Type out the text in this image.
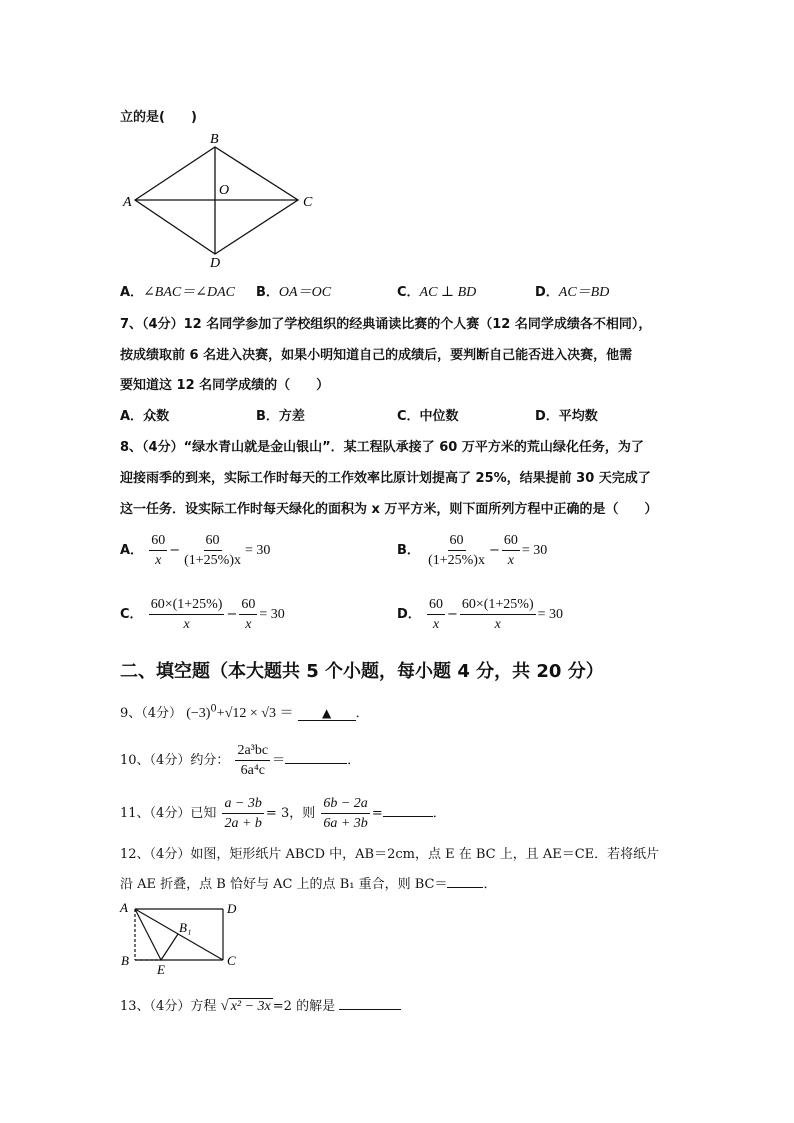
立的是(　　)
A
B
C
D
O
A．∠BAC＝∠DAC B．OA＝OC	C．AC ⊥ BD	D．AC＝BD
7、（4分）12 名同学参加了学校组织的经典诵读比赛的个人赛（12 名同学成绩各不相同），
按成绩取前 6 名进入决赛，如果小明知道自己的成绩后，要判断自己能否进入决赛，他需
要知道这 12 名同学成绩的（　　）
A．众数	B．方差	C．中位数	D．平均数
8、（4分）“绿水青山就是金山银山”．某工程队承接了 60 万平方米的荒山绿化任务，为了
迎接雨季的到来，实际工作时每天的工作效率比原计划提高了 25%，结果提前 30 天完成了
这一任务．设实际工作时每天绿化的面积为 x 万平方米，则下面所列方程中正确的是（　　）
A． $\frac{60}{x} - \frac{60}{(1+25\%)x} = 30$	B． $\frac{60}{(1+25\%)x} - \frac{60}{x} = 30$
C． $\frac{60\times(1+25\%)}{x} - \frac{60}{x} = 30$	D． $\frac{60}{x} - \frac{60\times(1+25\%)}{x} = 30$
二、填空题（本大题共 5 个小题，每小题 4 分，共 20 分）
9、（4分） $(-3)^0+√12 \times √3$ ＝ ▲ ．
10、（4分）约分： $\frac{\text{2a³bc}}{\text{6a⁴c}}$ ＝	．
11、（4分）已知 $\frac{a - 3b}{2a + b} = 3$，则 $\frac{6b - 2a}{6a + 3b}$ =	．
12、（4分）如图，矩形纸片 ABCD 中，AB＝2cm，点 E 在 BC 上，且 AE＝CE．若将纸片
沿 AE 折叠，点 B 恰好与 AC 上的点 B₁ 重合，则 BC＝	．
A	D
B	C
E
B₁
13、（4分）方程 √ x² − 3x =2 的解是
